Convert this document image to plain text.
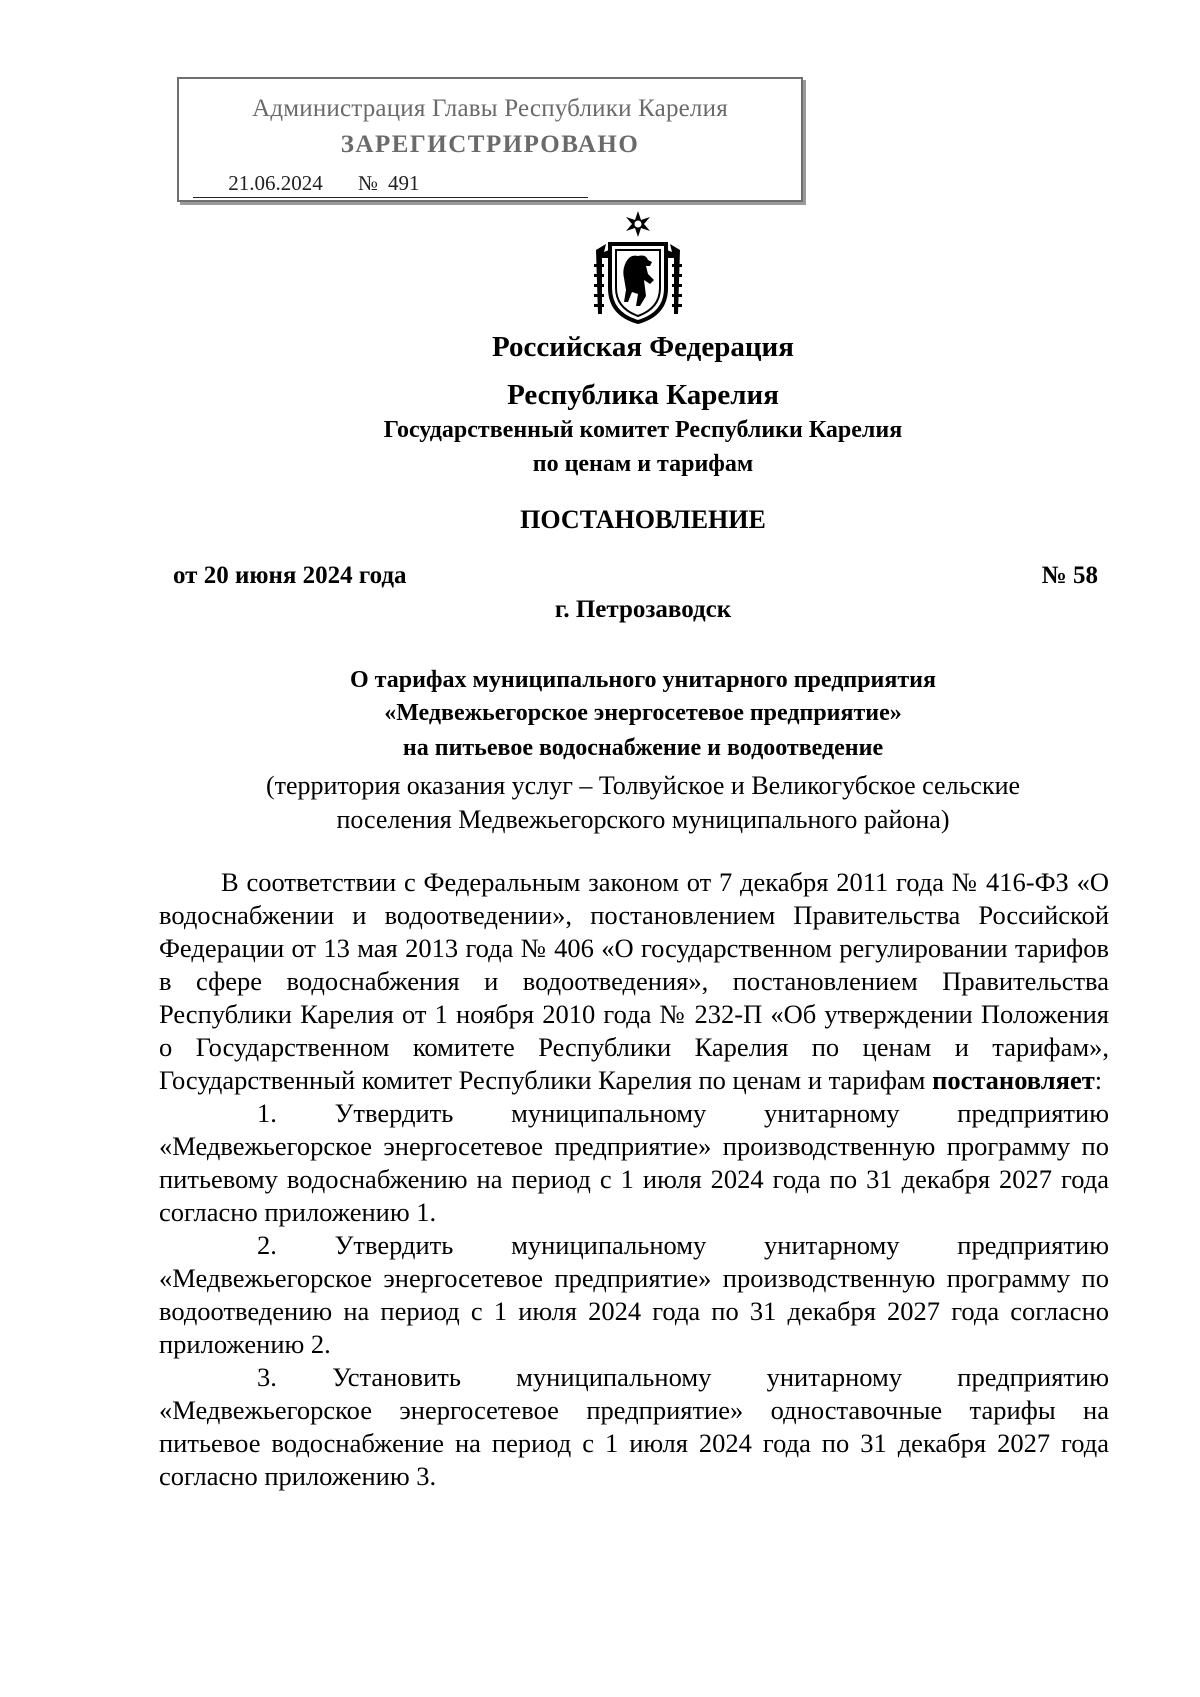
Администрация Главы Республики Карелия
ЗАРЕГИСТРИРОВАНО
21.06.2024	№ 491
Российская Федерация
Республика Карелия
Государственный комитет Республики Карелия
по ценам и тарифам
ПОСТАНОВЛЕНИЕ
от 20 июня 2024 года	№ 58
г. Петрозаводск
О тарифах муниципального унитарного предприятия
«Медвежьегорское энергосетевое предприятие»
на питьевое водоснабжение и водоотведение
(территория оказания услуг – Толвуйское и Великогубское сельские
поселения Медвежьегорского муниципального района)

В соответствии с Федеральным законом от 7 декабря 2011 года № 416-ФЗ «О водоснабжении и водоотведении», постановлением Правительства Российской Федерации от 13 мая 2013 года № 406 «О государственном регулировании тарифов в сфере водоснабжения и водоотведения», постановлением Правительства Республики Карелия от 1 ноября 2010 года № 232-П «Об утверждении Положения о Государственном комитете Республики Карелия по ценам и тарифам», Государственный комитет Республики Карелия по ценам и тарифам постановляет:

1. Утвердить муниципальному унитарному предприятию «Медвежьегорское энергосетевое предприятие» производственную программу по питьевому водоснабжению на период с 1 июля 2024 года по 31 декабря 2027 года согласно приложению 1.

2. Утвердить муниципальному унитарному предприятию «Медвежьегорское энергосетевое предприятие» производственную программу по водоотведению на период с 1 июля 2024 года по 31 декабря 2027 года согласно приложению 2.

3. Установить муниципальному унитарному предприятию «Медвежьегорское энергосетевое предприятие» одноставочные тарифы на питьевое водоснабжение на период с 1 июля 2024 года по 31 декабря 2027 года согласно приложению 3.
